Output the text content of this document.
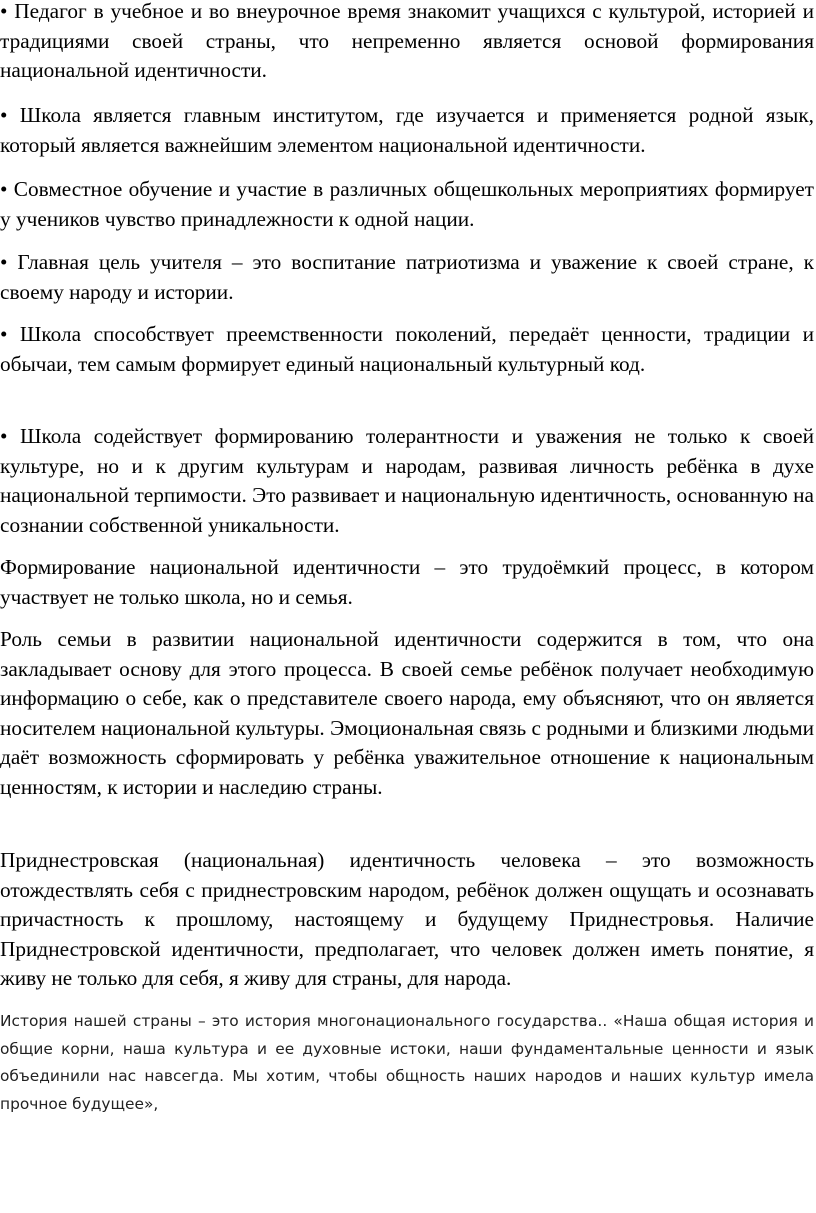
• Педагог в учебное и во внеурочное время знакомит учащихся с культурой, историей и традициями своей страны, что непременно является основой формирования национальной идентичности.

• Школа является главным институтом, где изучается и применяется родной язык, который является важнейшим элементом национальной идентичности.

• Совместное обучение и участие в различных общешкольных мероприятиях формирует у учеников чувство принадлежности к одной нации.

• Главная цель учителя – это воспитание патриотизма и уважение к своей стране, к своему народу и истории.

• Школа способствует преемственности поколений, передаёт ценности, традиции и обычаи, тем самым формирует единый национальный культурный код.

• Школа содействует формированию толерантности и уважения не только к своей культуре, но и к другим культурам и народам, развивая личность ребёнка в духе национальной терпимости. Это развивает и национальную идентичность, основанную на сознании собственной уникальности.

Формирование национальной идентичности – это трудоёмкий процесс, в котором участвует не только школа, но и семья.

Роль семьи в развитии национальной идентичности содержится в том, что она закладывает основу для этого процесса. В своей семье ребёнок получает необходимую информацию о себе, как о представителе своего народа, ему объясняют, что он является носителем национальной культуры. Эмоциональная связь с родными и близкими людьми даёт возможность сформировать у ребёнка уважительное отношение к национальным ценностям, к истории и наследию страны.

Приднестровская (национальная) идентичность человека – это возможность отождествлять себя с приднестровским народом, ребёнок должен ощущать и осознавать причастность к прошлому, настоящему и будущему Приднестровья. Наличие Приднестровской идентичности, предполагает, что человек должен иметь понятие, я живу не только для себя, я живу для страны, для народа.

История нашей страны – это история многонационального государства.. «Наша общая история и общие корни, наша культура и ее духовные истоки, наши фундаментальные ценности и язык объединили нас навсегда. Мы хотим, чтобы общность наших народов и наших культур имела прочное будущее»,
